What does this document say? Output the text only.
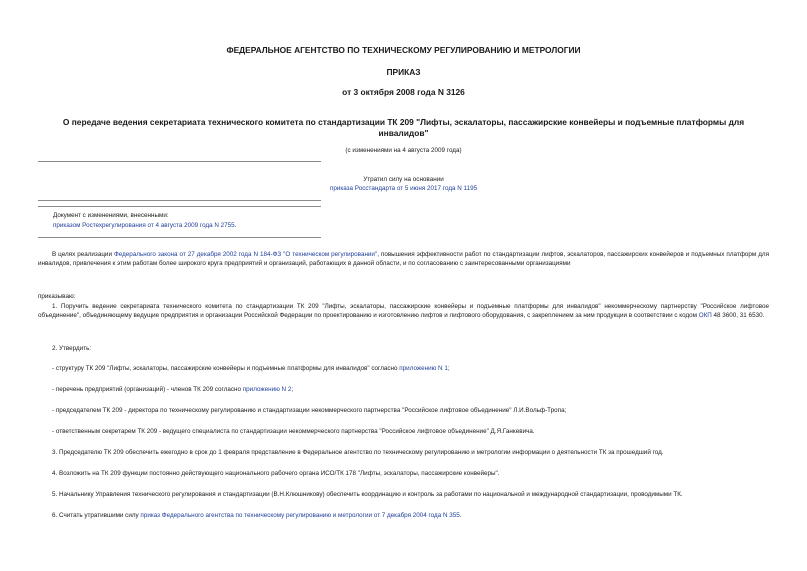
ФЕДЕРАЛЬНОЕ АГЕНТСТВО ПО ТЕХНИЧЕСКОМУ РЕГУЛИРОВАНИЮ И МЕТРОЛОГИИ
ПРИКАЗ
от 3 октября 2008 года N 3126
О передаче ведения секретариата технического комитета по стандартизации ТК 209 "Лифты, эскалаторы, пассажирские конвейеры и подъемные платформы для инвалидов"
(с изменениями на 4 августа 2009 года)
Утратил силу на основании
приказа Росстандарта от 5 июня 2017 года N 1195
Документ с изменениями, внесенными:
приказом Ростехрегулирования от 4 августа 2009 года N 2755.
В целях реализации Федерального закона от 27 декабря 2002 года N 184-ФЗ "О техническом регулировании", повышения эффективности работ по стандартизации лифтов, эскалаторов, пассажирских конвейеров и подъемных платформ для инвалидов, привлечения к этим работам более широкого круга предприятий и организаций, работающих в данной области, и по согласованию с заинтересованными организациями
приказываю:
1. Поручить ведение секретариата технического комитета по стандартизации ТК 209 "Лифты, эскалаторы, пассажирские конвейеры и подъемные платформы для инвалидов" некоммерческому партнерству "Российское лифтовое объединение", объединяющему ведущие предприятия и организации Российской Федерации по проектированию и изготовлению лифтов и лифтового оборудования, с закреплением за ним продукции в соответствии с кодом ОКП 48 3600, 31 6530.
2. Утвердить:
- структуру ТК 209 "Лифты, эскалаторы, пассажирские конвейеры и подъемные платформы для инвалидов" согласно приложению N 1;
- перечень предприятий (организаций) - членов ТК 209 согласно приложению N 2;
- председателем ТК 209 - директора по техническому регулированию и стандартизации некоммерческого партнерства "Российское лифтовое объединение" Л.И.Вольф-Тропа;
- ответственным секретарем ТК 209 - ведущего специалиста по стандартизации некоммерческого партнерства "Российское лифтовое объединение" Д.Я.Ганкевича.
3. Председателю ТК 209 обеспечить ежегодно в срок до 1 февраля представление в Федеральное агентство по техническому регулированию и метрологии информации о деятельности ТК за прошедший год.
4. Возложить на ТК 209 функции постоянно действующего национального рабочего органа ИСО/ТК 178 "Лифты, эскалаторы, пассажирские конвейеры".
5. Начальнику Управления технического регулирования и стандартизации (В.Н.Клюшникову) обеспечить координацию и контроль за работами по национальной и международной стандартизации, проводимыми ТК.
6. Считать утратившими силу приказ Федерального агентства по техническому регулированию и метрологии от 7 декабря 2004 года N 355.
